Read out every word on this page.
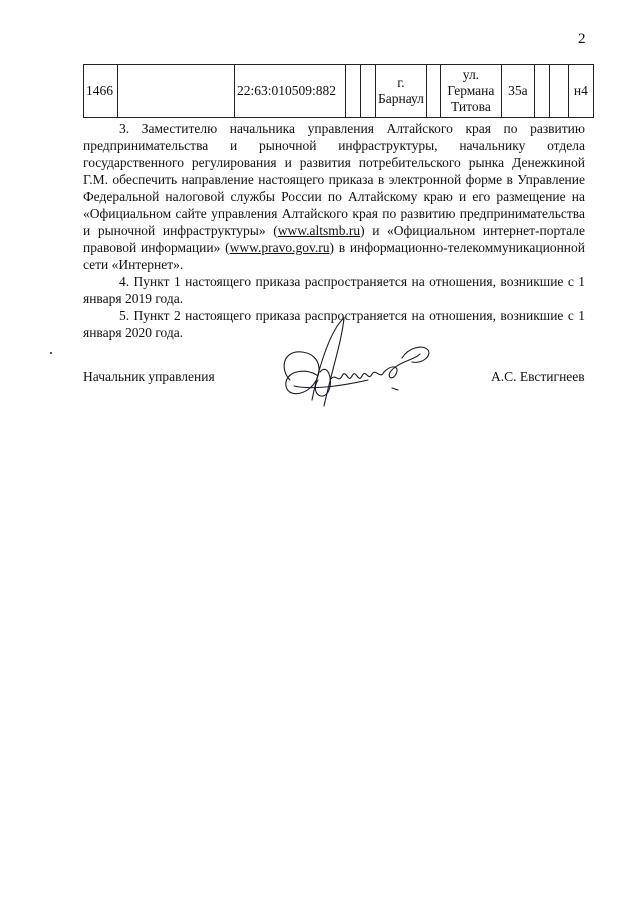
2
1466		22:63:010509:882			г. Барнаул		ул. Германа Титова	35а			н4

3. Заместителю начальника управления Алтайского края по развитию предпринимательства и рыночной инфраструктуры, начальнику отдела государственного регулирования и развития потребительского рынка Денежкиной Г.М. обеспечить направление настоящего приказа в электронной форме в Управление Федеральной налоговой службы России по Алтайскому краю и его размещение на «Официальном сайте управления Алтайского края по развитию предпринимательства и рыночной инфраструктуры» (www.altsmb.ru) и «Официальном интернет-портале правовой информации» (www.pravo.gov.ru) в информационно-телекоммуникационной сети «Интернет».

4. Пункт 1 настоящего приказа распространяется на отношения, возникшие с 1 января 2019 года.

5. Пункт 2 настоящего приказа распространяется на отношения, возникшие с 1 января 2020 года.

Начальник управления	А.С. Евстигнеев
